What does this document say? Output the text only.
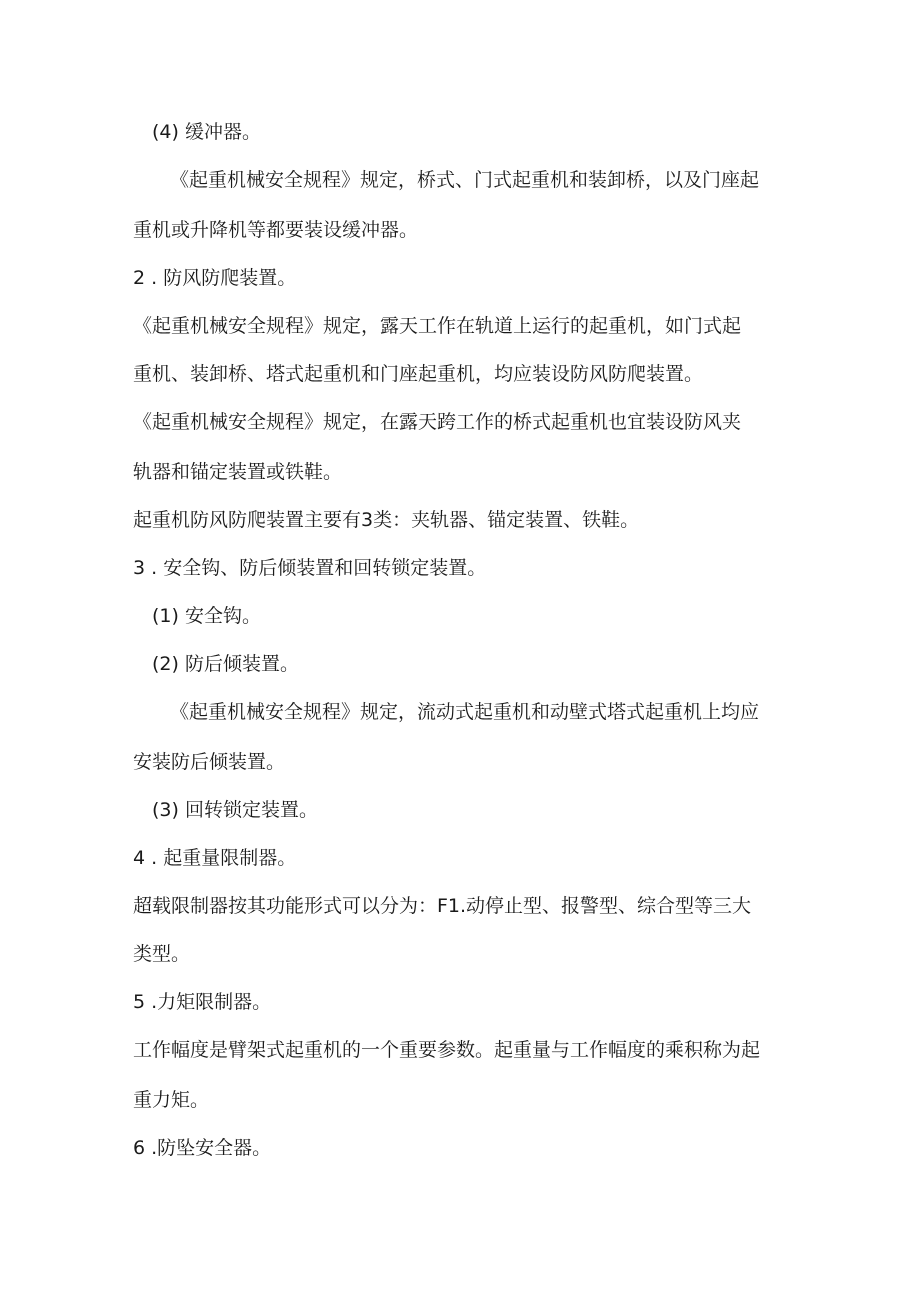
(4) 缓冲器。
《起重机械安全规程》规定，桥式、门式起重机和装卸桥，以及门座起
重机或升降机等都要装设缓冲器。
2 . 防风防爬装置。
《起重机械安全规程》规定，露天工作在轨道上运行的起重机，如门式起
重机、装卸桥、塔式起重机和门座起重机，均应装设防风防爬装置。
《起重机械安全规程》规定，在露天跨工作的桥式起重机也宜装设防风夹
轨器和锚定装置或铁鞋。
起重机防风防爬装置主要有3类：夹轨器、锚定装置、铁鞋。
3 . 安全钩、防后倾装置和回转锁定装置。
(1) 安全钩。
(2) 防后倾装置。
《起重机械安全规程》规定，流动式起重机和动壁式塔式起重机上均应
安装防后倾装置。
(3) 回转锁定装置。
4 . 起重量限制器。
超载限制器按其功能形式可以分为：F1.动停止型、报警型、综合型等三大
类型。
5 .力矩限制器。
工作幅度是臂架式起重机的一个重要参数。起重量与工作幅度的乘积称为起
重力矩。
6 .防坠安全器。
